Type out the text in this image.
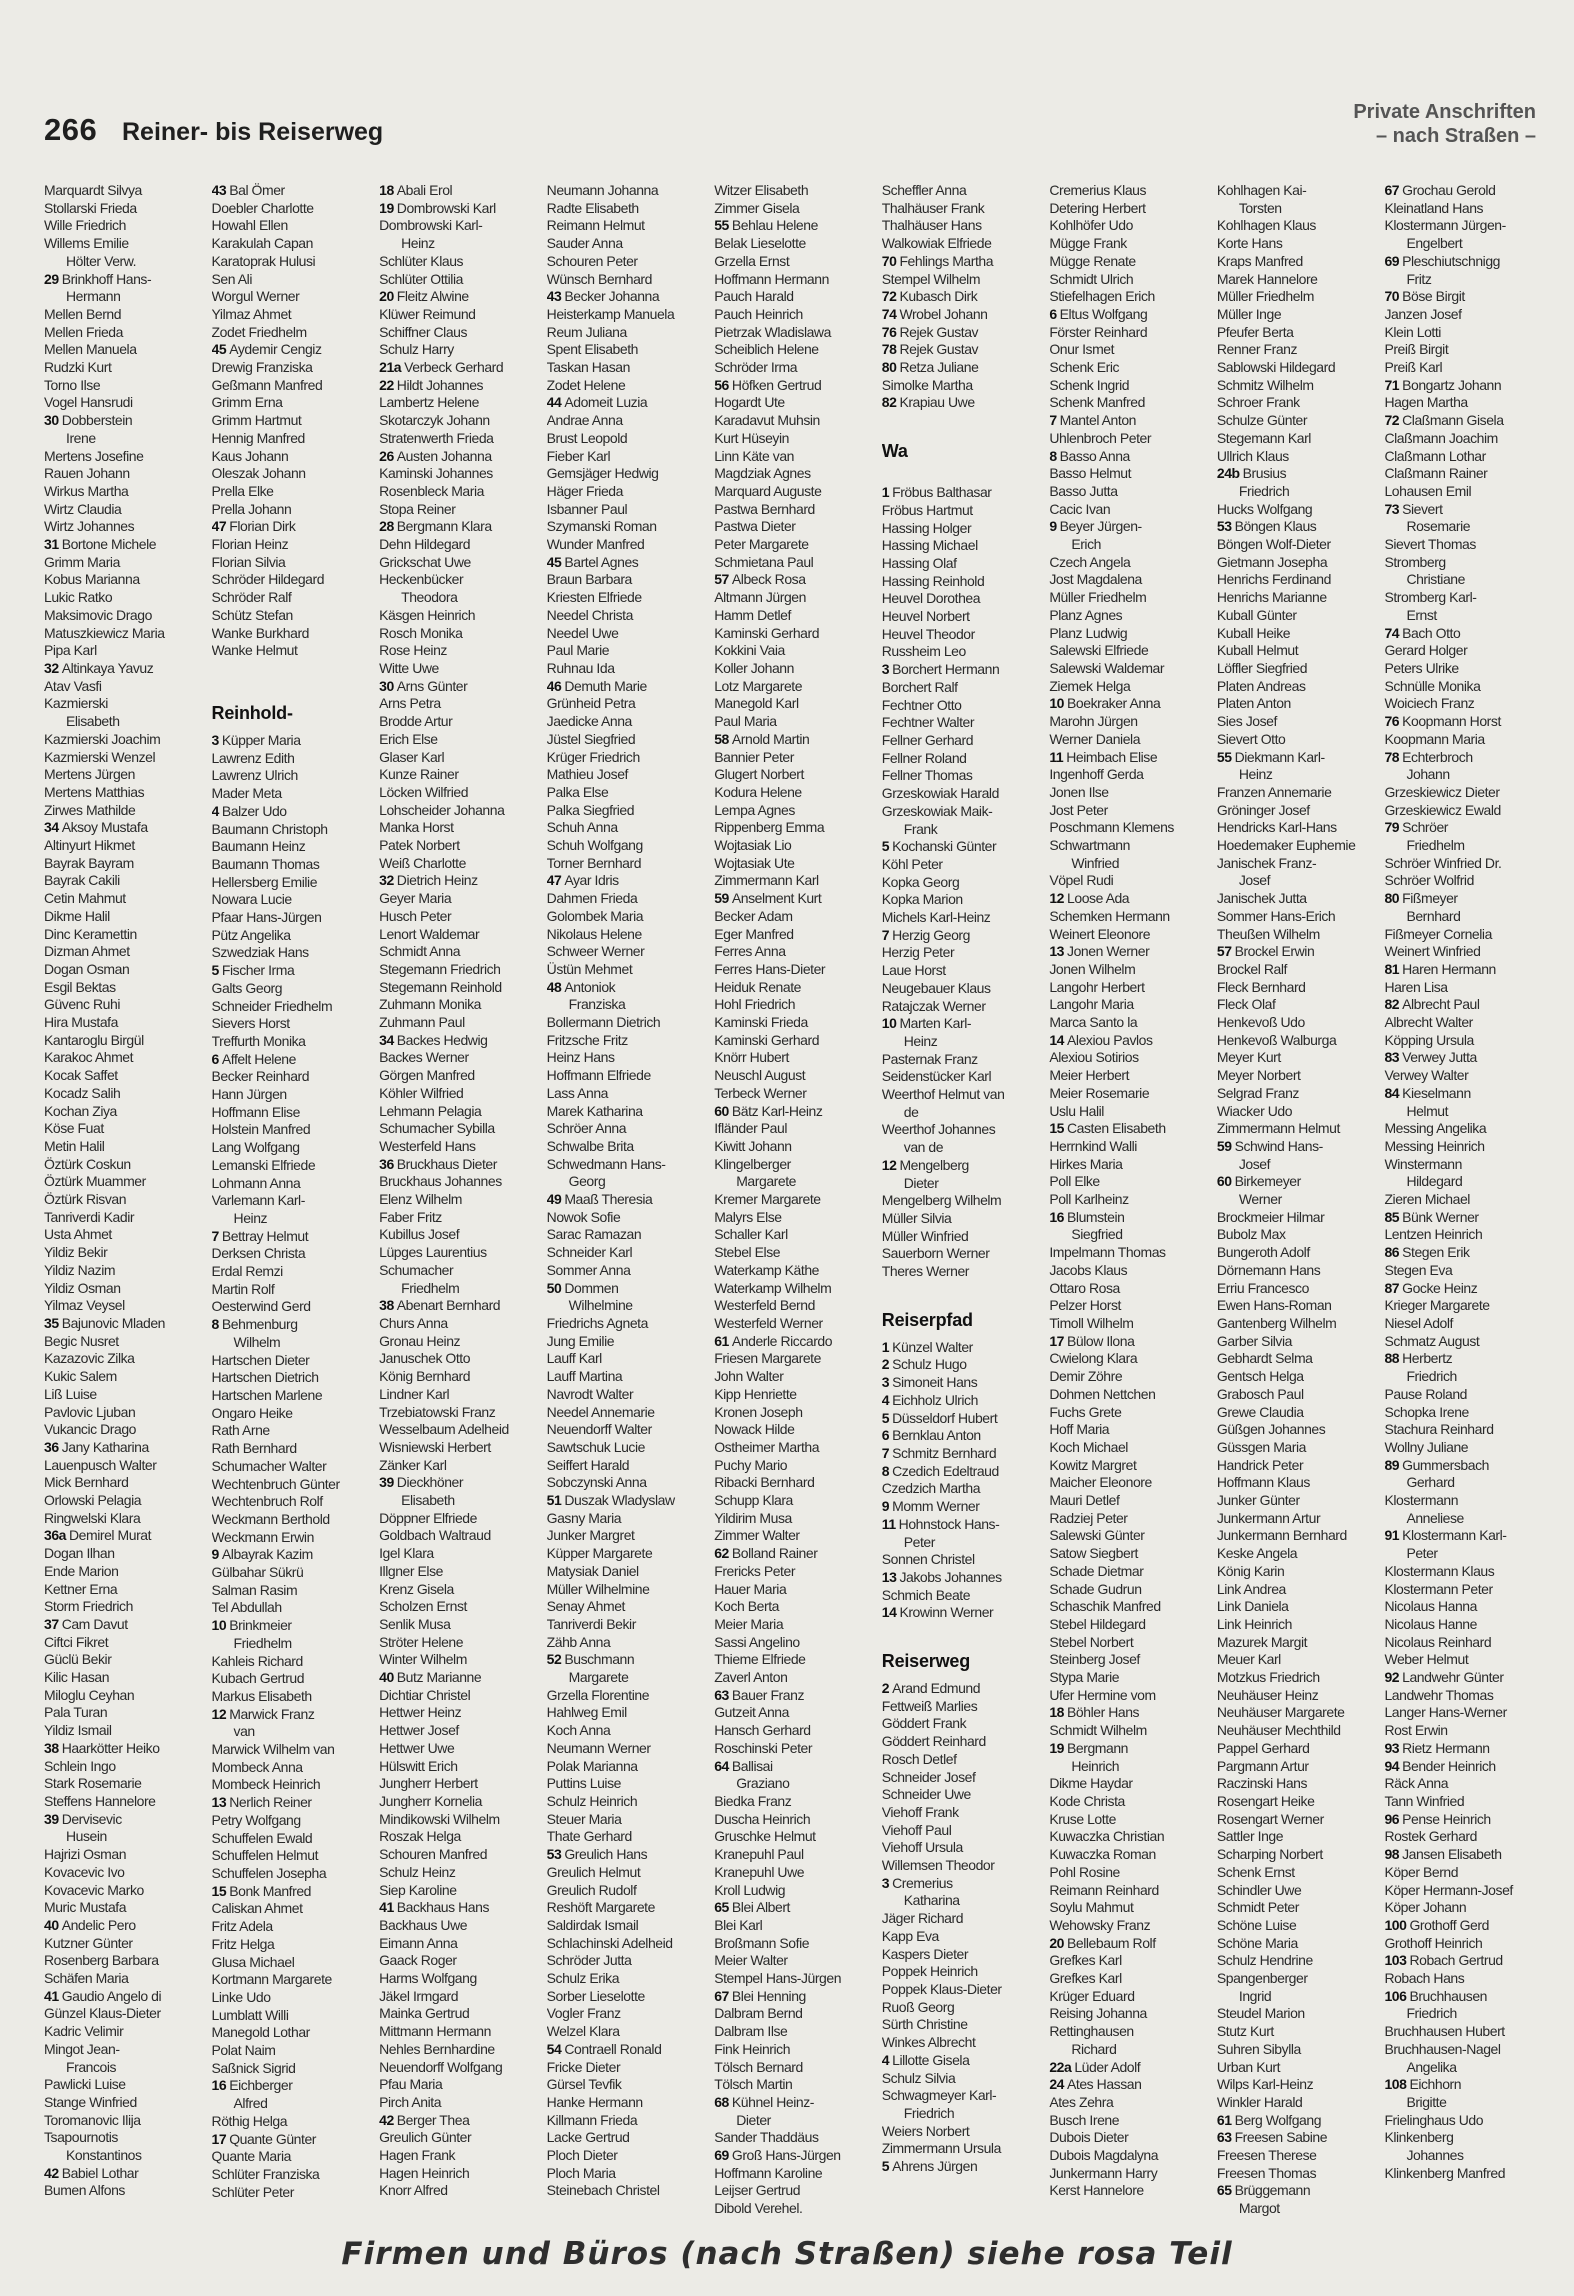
266 Reiner- bis Reiserweg
Private Anschriften
– nach Straßen –
Marquardt Silvya
Stollarski Frieda
Wille Friedrich
Willems Emilie
Hölter Verw.
29 Brinkhoff Hans-
Hermann
Mellen Bernd
Mellen Frieda
Mellen Manuela
Rudzki Kurt
Torno Ilse
Vogel Hansrudi
30 Dobberstein
Irene
Mertens Josefine
Rauen Johann
Wirkus Martha
Wirtz Claudia
Wirtz Johannes
31 Bortone Michele
Grimm Maria
Kobus Marianna
Lukic Ratko
Maksimovic Drago
Matuszkiewicz Maria
Pipa Karl
32 Altinkaya Yavuz
Atav Vasfi
Kazmierski
Elisabeth
Kazmierski Joachim
Kazmierski Wenzel
Mertens Jürgen
Mertens Matthias
Zirwes Mathilde
34 Aksoy Mustafa
Altinyurt Hikmet
Bayrak Bayram
Bayrak Cakili
Cetin Mahmut
Dikme Halil
Dinc Keramettin
Dizman Ahmet
Dogan Osman
Esgil Bektas
Güvenc Ruhi
Hira Mustafa
Kantaroglu Birgül
Karakoc Ahmet
Kocak Saffet
Kocadz Salih
Kochan Ziya
Köse Fuat
Metin Halil
Öztürk Coskun
Öztürk Muammer
Öztürk Risvan
Tanriverdi Kadir
Usta Ahmet
Yildiz Bekir
Yildiz Nazim
Yildiz Osman
Yilmaz Veysel
35 Bajunovic Mladen
Begic Nusret
Kazazovic Zilka
Kukic Salem
Liß Luise
Pavlovic Ljuban
Vukancic Drago
36 Jany Katharina
Lauenpusch Walter
Mick Bernhard
Orlowski Pelagia
Ringwelski Klara
36a Demirel Murat
Dogan Ilhan
Ende Marion
Kettner Erna
Storm Friedrich
37 Cam Davut
Ciftci Fikret
Güclü Bekir
Kilic Hasan
Miloglu Ceyhan
Pala Turan
Yildiz Ismail
38 Haarkötter Heiko
Schlein Ingo
Stark Rosemarie
Steffens Hannelore
39 Dervisevic
Husein
Hajrizi Osman
Kovacevic Ivo
Kovacevic Marko
Muric Mustafa
40 Andelic Pero
Kutzner Günter
Rosenberg Barbara
Schäfen Maria
41 Gaudio Angelo di
Günzel Klaus-Dieter
Kadric Velimir
Mingot Jean-
Francois
Pawlicki Luise
Stange Winfried
Toromanovic Ilija
Tsapournotis
Konstantinos
42 Babiel Lothar
Bumen Alfons
43 Bal Ömer
Doebler Charlotte
Howahl Ellen
Karakulah Capan
Karatoprak Hulusi
Sen Ali
Worgul Werner
Yilmaz Ahmet
Zodet Friedhelm
45 Aydemir Cengiz
Drewig Franziska
Geßmann Manfred
Grimm Erna
Grimm Hartmut
Hennig Manfred
Kaus Johann
Oleszak Johann
Prella Elke
Prella Johann
47 Florian Dirk
Florian Heinz
Florian Silvia
Schröder Hildegard
Schröder Ralf
Schütz Stefan
Wanke Burkhard
Wanke Helmut
Reinhold-
3 Küpper Maria
Lawrenz Edith
Lawrenz Ulrich
Mader Meta
4 Balzer Udo
Baumann Christoph
Baumann Heinz
Baumann Thomas
Hellersberg Emilie
Nowara Lucie
Pfaar Hans-Jürgen
Pütz Angelika
Szwedziak Hans
5 Fischer Irma
Galts Georg
Schneider Friedhelm
Sievers Horst
Treffurth Monika
6 Affelt Helene
Becker Reinhard
Hann Jürgen
Hoffmann Elise
Holstein Manfred
Lang Wolfgang
Lemanski Elfriede
Lohmann Anna
Varlemann Karl-
Heinz
7 Bettray Helmut
Derksen Christa
Erdal Remzi
Martin Rolf
Oesterwind Gerd
8 Behmenburg
Wilhelm
Hartschen Dieter
Hartschen Dietrich
Hartschen Marlene
Ongaro Heike
Rath Arne
Rath Bernhard
Schumacher Walter
Wechtenbruch Günter
Wechtenbruch Rolf
Weckmann Berthold
Weckmann Erwin
9 Albayrak Kazim
Gülbahar Sükrü
Salman Rasim
Tel Abdullah
10 Brinkmeier
Friedhelm
Kahleis Richard
Kubach Gertrud
Markus Elisabeth
12 Marwick Franz
van
Marwick Wilhelm van
Mombeck Anna
Mombeck Heinrich
13 Nerlich Reiner
Petry Wolfgang
Schuffelen Ewald
Schuffelen Helmut
Schuffelen Josepha
15 Bonk Manfred
Caliskan Ahmet
Fritz Adela
Fritz Helga
Glusa Michael
Kortmann Margarete
Linke Udo
Lumblatt Willi
Manegold Lothar
Polat Naim
Saßnick Sigrid
16 Eichberger
Alfred
Röthig Helga
17 Quante Günter
Quante Maria
Schlüter Franziska
Schlüter Peter
18 Abali Erol
19 Dombrowski Karl
Dombrowski Karl-
Heinz
Schlüter Klaus
Schlüter Ottilia
20 Fleitz Alwine
Klüwer Reimund
Schiffner Claus
Schulz Harry
21a Verbeck Gerhard
22 Hildt Johannes
Lambertz Helene
Skotarczyk Johann
Stratenwerth Frieda
26 Austen Johanna
Kaminski Johannes
Rosenbleck Maria
Stopa Reiner
28 Bergmann Klara
Dehn Hildegard
Grickschat Uwe
Heckenbücker
Theodora
Käsgen Heinrich
Rosch Monika
Rose Heinz
Witte Uwe
30 Arns Günter
Arns Petra
Brodde Artur
Erich Else
Glaser Karl
Kunze Rainer
Löcken Wilfried
Lohscheider Johanna
Manka Horst
Patek Norbert
Weiß Charlotte
32 Dietrich Heinz
Geyer Maria
Husch Peter
Lenort Waldemar
Schmidt Anna
Stegemann Friedrich
Stegemann Reinhold
Zuhmann Monika
Zuhmann Paul
34 Backes Hedwig
Backes Werner
Görgen Manfred
Köhler Wilfried
Lehmann Pelagia
Schumacher Sybilla
Westerfeld Hans
36 Bruckhaus Dieter
Bruckhaus Johannes
Elenz Wilhelm
Faber Fritz
Kubillus Josef
Lüpges Laurentius
Schumacher
Friedhelm
38 Abenart Bernhard
Churs Anna
Gronau Heinz
Januschek Otto
König Bernhard
Lindner Karl
Trzebiatowski Franz
Wesselbaum Adelheid
Wisniewski Herbert
Zänker Karl
39 Dieckhöner
Elisabeth
Döppner Elfriede
Goldbach Waltraud
Igel Klara
Illgner Else
Krenz Gisela
Scholzen Ernst
Senlik Musa
Ströter Helene
Winter Wilhelm
40 Butz Marianne
Dichtiar Christel
Hettwer Heinz
Hettwer Josef
Hettwer Uwe
Hülswitt Erich
Jungherr Herbert
Jungherr Kornelia
Mindikowski Wilhelm
Roszak Helga
Schouren Manfred
Schulz Heinz
Siep Karoline
41 Backhaus Hans
Backhaus Uwe
Eimann Anna
Gaack Roger
Harms Wolfgang
Jäkel Irmgard
Mainka Gertrud
Mittmann Hermann
Nehles Bernhardine
Neuendorff Wolfgang
Pfau Maria
Pirch Anita
42 Berger Thea
Greulich Günter
Hagen Frank
Hagen Heinrich
Knorr Alfred
Neumann Johanna
Radte Elisabeth
Reimann Helmut
Sauder Anna
Schouren Peter
Wünsch Bernhard
43 Becker Johanna
Heisterkamp Manuela
Reum Juliana
Spent Elisabeth
Taskan Hasan
Zodet Helene
44 Adomeit Luzia
Andrae Anna
Brust Leopold
Fieber Karl
Gemsjäger Hedwig
Häger Frieda
Isbanner Paul
Szymanski Roman
Wunder Manfred
45 Bartel Agnes
Braun Barbara
Kriesten Elfriede
Needel Christa
Needel Uwe
Paul Marie
Ruhnau Ida
46 Demuth Marie
Grünheid Petra
Jaedicke Anna
Jüstel Siegfried
Krüger Friedrich
Mathieu Josef
Palka Else
Palka Siegfried
Schuh Anna
Schuh Wolfgang
Torner Bernhard
47 Ayar Idris
Dahmen Frieda
Golombek Maria
Nikolaus Helene
Schweer Werner
Üstün Mehmet
48 Antoniok
Franziska
Bollermann Dietrich
Fritzsche Fritz
Heinz Hans
Hoffmann Elfriede
Lass Anna
Marek Katharina
Schröer Anna
Schwalbe Brita
Schwedmann Hans-
Georg
49 Maaß Theresia
Nowok Sofie
Sarac Ramazan
Schneider Karl
Sommer Anna
50 Dommen
Wilhelmine
Friedrichs Agneta
Jung Emilie
Lauff Karl
Lauff Martina
Navrodt Walter
Needel Annemarie
Neuendorff Walter
Sawtschuk Lucie
Seiffert Harald
Sobczynski Anna
51 Duszak Wladyslaw
Gasny Maria
Junker Margret
Küpper Margarete
Matysiak Daniel
Müller Wilhelmine
Senay Ahmet
Tanriverdi Bekir
Zähb Anna
52 Buschmann
Margarete
Grzella Florentine
Hahlweg Emil
Koch Anna
Neumann Werner
Polak Marianna
Puttins Luise
Schulz Heinrich
Steuer Maria
Thate Gerhard
53 Greulich Hans
Greulich Helmut
Greulich Rudolf
Reshöft Margarete
Saldirdak Ismail
Schlachinski Adelheid
Schröder Jutta
Schulz Erika
Sorber Lieselotte
Vogler Franz
Welzel Klara
54 Contraell Ronald
Fricke Dieter
Gürsel Tevfik
Hanke Hermann
Killmann Frieda
Lacke Gertrud
Ploch Dieter
Ploch Maria
Steinebach Christel
Witzer Elisabeth
Zimmer Gisela
55 Behlau Helene
Belak Lieselotte
Grzella Ernst
Hoffmann Hermann
Pauch Harald
Pauch Heinrich
Pietrzak Wladislawa
Scheiblich Helene
Schröder Irma
56 Höfken Gertrud
Hogardt Ute
Karadavut Muhsin
Kurt Hüseyin
Linn Käte van
Magdziak Agnes
Marquard Auguste
Pastwa Bernhard
Pastwa Dieter
Peter Margarete
Schmietana Paul
57 Albeck Rosa
Altmann Jürgen
Hamm Detlef
Kaminski Gerhard
Kokkini Vaia
Koller Johann
Lotz Margarete
Manegold Karl
Paul Maria
58 Arnold Martin
Bannier Peter
Glugert Norbert
Kodura Helene
Lempa Agnes
Rippenberg Emma
Wojtasiak Lio
Wojtasiak Ute
Zimmermann Karl
59 Anselment Kurt
Becker Adam
Eger Manfred
Ferres Anna
Ferres Hans-Dieter
Heiduk Renate
Hohl Friedrich
Kaminski Frieda
Kaminski Gerhard
Knörr Hubert
Neuschl August
Terbeck Werner
60 Bätz Karl-Heinz
Ifländer Paul
Kiwitt Johann
Klingelberger
Margarete
Kremer Margarete
Malyrs Else
Schaller Karl
Stebel Else
Waterkamp Käthe
Waterkamp Wilhelm
Westerfeld Bernd
Westerfeld Werner
61 Anderle Riccardo
Friesen Margarete
John Walter
Kipp Henriette
Kronen Joseph
Nowack Hilde
Ostheimer Martha
Puchy Mario
Ribacki Bernhard
Schupp Klara
Yildirim Musa
Zimmer Walter
62 Bolland Rainer
Frericks Peter
Hauer Maria
Koch Berta
Meier Maria
Sassi Angelino
Thieme Elfriede
Zaverl Anton
63 Bauer Franz
Gutzeit Anna
Hansch Gerhard
Roschinski Peter
64 Ballisai
Graziano
Biedka Franz
Duscha Heinrich
Gruschke Helmut
Kranepuhl Paul
Kranepuhl Uwe
Kroll Ludwig
65 Blei Albert
Blei Karl
Broßmann Sofie
Meier Walter
Stempel Hans-Jürgen
67 Blei Henning
Dalbram Bernd
Dalbram Ilse
Fink Heinrich
Tölsch Bernard
Tölsch Martin
68 Kühnel Heinz-
Dieter
Sander Thaddäus
69 Groß Hans-Jürgen
Hoffmann Karoline
Leijser Gertrud
Dibold Verehel.
Scheffler Anna
Thalhäuser Frank
Thalhäuser Hans
Walkowiak Elfriede
70 Fehlings Martha
Stempel Wilhelm
72 Kubasch Dirk
74 Wrobel Johann
76 Rejek Gustav
78 Rejek Gustav
80 Retza Juliane
Simolke Martha
82 Krapiau Uwe
Wa
1 Fröbus Balthasar
Fröbus Hartmut
Hassing Holger
Hassing Michael
Hassing Olaf
Hassing Reinhold
Heuvel Dorothea
Heuvel Norbert
Heuvel Theodor
Russheim Leo
3 Borchert Hermann
Borchert Ralf
Fechtner Otto
Fechtner Walter
Fellner Gerhard
Fellner Roland
Fellner Thomas
Grzeskowiak Harald
Grzeskowiak Maik-
Frank
5 Kochanski Günter
Köhl Peter
Kopka Georg
Kopka Marion
Michels Karl-Heinz
7 Herzig Georg
Herzig Peter
Laue Horst
Neugebauer Klaus
Ratajczak Werner
10 Marten Karl-
Heinz
Pasternak Franz
Seidenstücker Karl
Weerthof Helmut van
de
Weerthof Johannes
van de
12 Mengelberg
Dieter
Mengelberg Wilhelm
Müller Silvia
Müller Winfried
Sauerborn Werner
Theres Werner
Reiserpfad
1 Künzel Walter
2 Schulz Hugo
3 Simoneit Hans
4 Eichholz Ulrich
5 Düsseldorf Hubert
6 Bernklau Anton
7 Schmitz Bernhard
8 Czedich Edeltraud
Czedzich Martha
9 Momm Werner
11 Hohnstock Hans-
Peter
Sonnen Christel
13 Jakobs Johannes
Schmich Beate
14 Krowinn Werner
Reiserweg
2 Arand Edmund
Fettweiß Marlies
Göddert Frank
Göddert Reinhard
Rosch Detlef
Schneider Josef
Schneider Uwe
Viehoff Frank
Viehoff Paul
Viehoff Ursula
Willemsen Theodor
3 Cremerius
Katharina
Jäger Richard
Kapp Eva
Kaspers Dieter
Poppek Heinrich
Poppek Klaus-Dieter
Ruoß Georg
Sürth Christine
Winkes Albrecht
4 Lillotte Gisela
Schulz Silvia
Schwagmeyer Karl-
Friedrich
Weiers Norbert
Zimmermann Ursula
5 Ahrens Jürgen
Cremerius Klaus
Detering Herbert
Kohlhöfer Udo
Mügge Frank
Mügge Renate
Schmidt Ulrich
Stiefelhagen Erich
6 Eltus Wolfgang
Förster Reinhard
Onur Ismet
Schenk Eric
Schenk Ingrid
Schenk Manfred
7 Mantel Anton
Uhlenbroch Peter
8 Basso Anna
Basso Helmut
Basso Jutta
Cacic Ivan
9 Beyer Jürgen-
Erich
Czech Angela
Jost Magdalena
Müller Friedhelm
Planz Agnes
Planz Ludwig
Salewski Elfriede
Salewski Waldemar
Ziemek Helga
10 Boekraker Anna
Marohn Jürgen
Werner Daniela
11 Heimbach Elise
Ingenhoff Gerda
Jonen Ilse
Jost Peter
Poschmann Klemens
Schwartmann
Winfried
Vöpel Rudi
12 Loose Ada
Schemken Hermann
Weinert Eleonore
13 Jonen Werner
Jonen Wilhelm
Langohr Herbert
Langohr Maria
Marca Santo la
14 Alexiou Pavlos
Alexiou Sotirios
Meier Herbert
Meier Rosemarie
Uslu Halil
15 Casten Elisabeth
Herrnkind Walli
Hirkes Maria
Poll Elke
Poll Karlheinz
16 Blumstein
Siegfried
Impelmann Thomas
Jacobs Klaus
Ottaro Rosa
Pelzer Horst
Timoll Wilhelm
17 Bülow Ilona
Cwielong Klara
Demir Zöhre
Dohmen Nettchen
Fuchs Grete
Hoff Maria
Koch Michael
Kowitz Margret
Maicher Eleonore
Mauri Detlef
Radziej Peter
Salewski Günter
Satow Siegbert
Schade Dietmar
Schade Gudrun
Schaschik Manfred
Stebel Hildegard
Stebel Norbert
Steinberg Josef
Stypa Marie
Ufer Hermine vom
18 Böhler Hans
Schmidt Wilhelm
19 Bergmann
Heinrich
Dikme Haydar
Kode Christa
Kruse Lotte
Kuwaczka Christian
Kuwaczka Roman
Pohl Rosine
Reimann Reinhard
Soylu Mahmut
Wehowsky Franz
20 Bellebaum Rolf
Grefkes Karl
Grefkes Karl
Krüger Eduard
Reising Johanna
Rettinghausen
Richard
22a Lüder Adolf
24 Ates Hassan
Ates Zehra
Busch Irene
Dubois Dieter
Dubois Magdalyna
Junkermann Harry
Kerst Hannelore
Kohlhagen Kai-
Torsten
Kohlhagen Klaus
Korte Hans
Kraps Manfred
Marek Hannelore
Müller Friedhelm
Müller Inge
Pfeufer Berta
Renner Franz
Sablowski Hildegard
Schmitz Wilhelm
Schroer Frank
Schulze Günter
Stegemann Karl
Ullrich Klaus
24b Brusius
Friedrich
Hucks Wolfgang
53 Böngen Klaus
Böngen Wolf-Dieter
Gietmann Josepha
Henrichs Ferdinand
Henrichs Marianne
Kuball Günter
Kuball Heike
Kuball Helmut
Löffler Siegfried
Platen Andreas
Platen Anton
Sies Josef
Sievert Otto
55 Diekmann Karl-
Heinz
Franzen Annemarie
Gröninger Josef
Hendricks Karl-Hans
Hoedemaker Euphemie
Janischek Franz-
Josef
Janischek Jutta
Sommer Hans-Erich
Theußen Wilhelm
57 Brockel Erwin
Brockel Ralf
Fleck Bernhard
Fleck Olaf
Henkevoß Udo
Henkevoß Walburga
Meyer Kurt
Meyer Norbert
Selgrad Franz
Wiacker Udo
Zimmermann Helmut
59 Schwind Hans-
Josef
60 Birkemeyer
Werner
Brockmeier Hilmar
Bubolz Max
Bungeroth Adolf
Dörnemann Hans
Erriu Francesco
Ewen Hans-Roman
Gantenberg Wilhelm
Garber Silvia
Gebhardt Selma
Gentsch Helga
Grabosch Paul
Grewe Claudia
Güßgen Johannes
Güssgen Maria
Handrick Peter
Hoffmann Klaus
Junker Günter
Junkermann Artur
Junkermann Bernhard
Keske Angela
König Karin
Link Andrea
Link Daniela
Link Heinrich
Mazurek Margit
Meuer Karl
Motzkus Friedrich
Neuhäuser Heinz
Neuhäuser Margarete
Neuhäuser Mechthild
Pappel Gerhard
Pargmann Artur
Raczinski Hans
Rosengart Heike
Rosengart Werner
Sattler Inge
Scharping Norbert
Schenk Ernst
Schindler Uwe
Schmidt Peter
Schöne Luise
Schöne Maria
Schulz Hendrine
Spangenberger
Ingrid
Steudel Marion
Stutz Kurt
Suhren Sibylla
Urban Kurt
Wilps Karl-Heinz
Winkler Harald
61 Berg Wolfgang
63 Freesen Sabine
Freesen Therese
Freesen Thomas
65 Brüggemann
Margot
67 Grochau Gerold
Kleinatland Hans
Klostermann Jürgen-
Engelbert
69 Pleschiutschnigg
Fritz
70 Böse Birgit
Janzen Josef
Klein Lotti
Preiß Birgit
Preiß Karl
71 Bongartz Johann
Hagen Martha
72 Claßmann Gisela
Claßmann Joachim
Claßmann Lothar
Claßmann Rainer
Lohausen Emil
73 Sievert
Rosemarie
Sievert Thomas
Stromberg
Christiane
Stromberg Karl-
Ernst
74 Bach Otto
Gerard Holger
Peters Ulrike
Schnülle Monika
Woiciech Franz
76 Koopmann Horst
Koopmann Maria
78 Echterbroch
Johann
Grzeskiewicz Dieter
Grzeskiewicz Ewald
79 Schröer
Friedhelm
Schröer Winfried Dr.
Schröer Wolfrid
80 Fißmeyer
Bernhard
Fißmeyer Cornelia
Weinert Winfried
81 Haren Hermann
Haren Lisa
82 Albrecht Paul
Albrecht Walter
Köpping Ursula
83 Verwey Jutta
Verwey Walter
84 Kieselmann
Helmut
Messing Angelika
Messing Heinrich
Winstermann
Hildegard
Zieren Michael
85 Bünk Werner
Lentzen Heinrich
86 Stegen Erik
Stegen Eva
87 Gocke Heinz
Krieger Margarete
Niesel Adolf
Schmatz August
88 Herbertz
Friedrich
Pause Roland
Schopka Irene
Stachura Reinhard
Wollny Juliane
89 Gummersbach
Gerhard
Klostermann
Anneliese
91 Klostermann Karl-
Peter
Klostermann Klaus
Klostermann Peter
Nicolaus Hanna
Nicolaus Hanne
Nicolaus Reinhard
Weber Helmut
92 Landwehr Günter
Landwehr Thomas
Langer Hans-Werner
Rost Erwin
93 Rietz Hermann
94 Bender Heinrich
Räck Anna
Tann Winfried
96 Pense Heinrich
Rostek Gerhard
98 Jansen Elisabeth
Köper Bernd
Köper Hermann-Josef
Köper Johann
100 Grothoff Gerd
Grothoff Heinrich
103 Robach Gertrud
Robach Hans
106 Bruchhausen
Friedrich
Bruchhausen Hubert
Bruchhausen-Nagel
Angelika
108 Eichhorn
Brigitte
Frielinghaus Udo
Klinkenberg
Johannes
Klinkenberg Manfred
Firmen und Büros (nach Straßen) siehe rosa Teil
